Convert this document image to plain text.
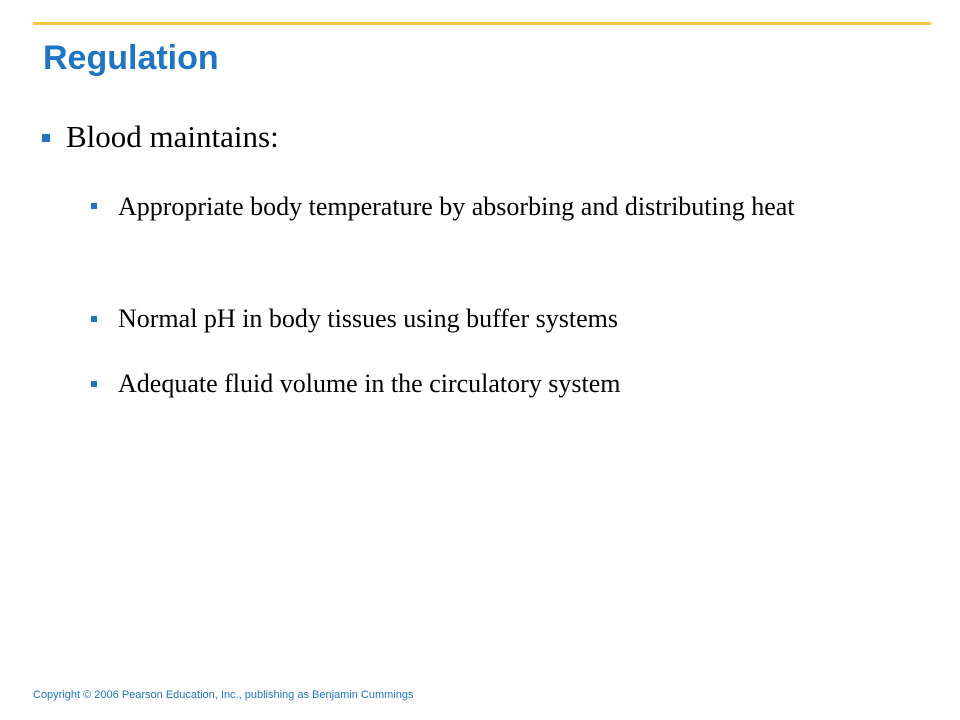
Regulation
Blood maintains:
Appropriate body temperature by absorbing and distributing heat
Normal pH in body tissues using buffer systems
Adequate fluid volume in the circulatory system
Copyright © 2006 Pearson Education, Inc., publishing as Benjamin Cummings
